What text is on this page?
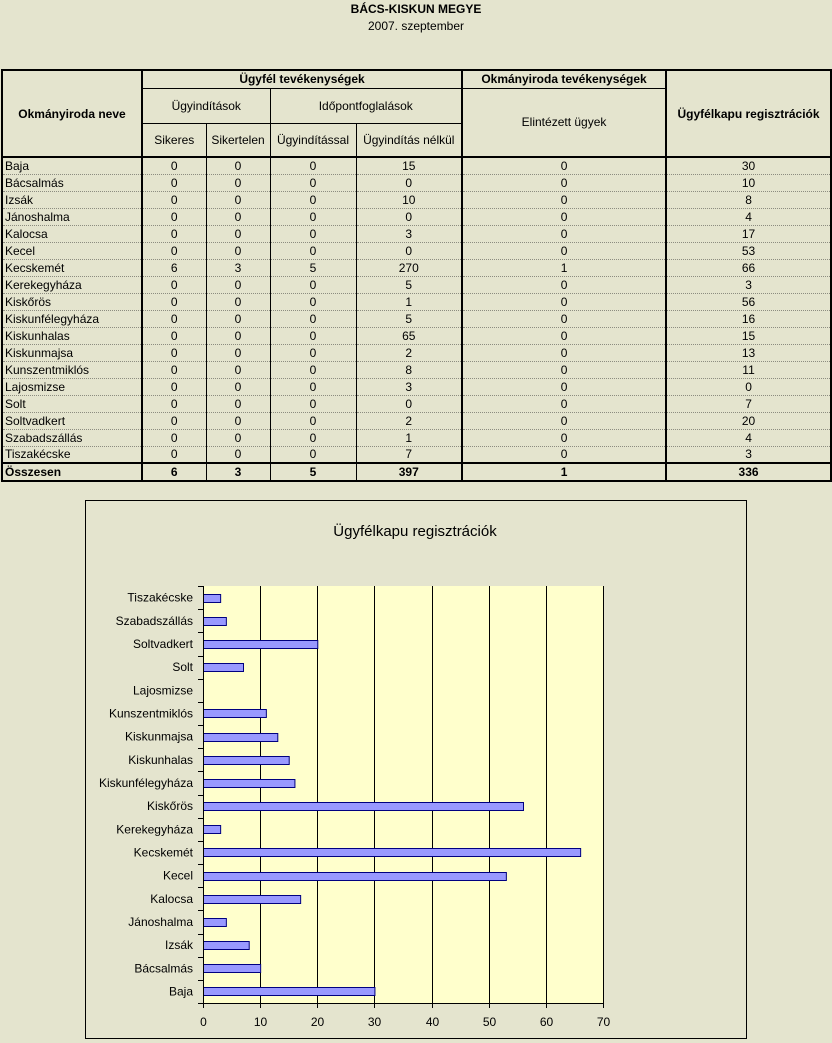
BÁCS-KISKUN MEGYE
2007. szeptember
Okmányiroda neve	Ügyfél tevékenységek				Okmányiroda tevékenységek	Ügyfélkapu regisztrációk
	Ügyindítások		Időpontfoglalások		Elintézett ügyek	
	Sikeres	Sikertelen	Ügyindítással	Ügyindítás nélkül		
Baja	0	0	0	15	0	30
Bácsalmás	0	0	0	0	0	10
Izsák	0	0	0	10	0	8
Jánoshalma	0	0	0	0	0	4
Kalocsa	0	0	0	3	0	17
Kecel	0	0	0	0	0	53
Kecskemét	6	3	5	270	1	66
Kerekegyháza	0	0	0	5	0	3
Kiskőrös	0	0	0	1	0	56
Kiskunfélegyháza	0	0	0	5	0	16
Kiskunhalas	0	0	0	65	0	15
Kiskunmajsa	0	0	0	2	0	13
Kunszentmiklós	0	0	0	8	0	11
Lajosmizse	0	0	0	3	0	0
Solt	0	0	0	0	0	7
Soltvadkert	0	0	0	2	0	20
Szabadszállás	0	0	0	1	0	4
Tiszakécske	0	0	0	7	0	3
Összesen	6	3	5	397	1	336
Ügyfélkapu regisztrációk
0	10	20	30	40	50	60	70
Baja
Bácsalmás
Izsák
Jánoshalma
Kalocsa
Kecel
Kecskemét
Kerekegyháza
Kiskőrös
Kiskunfélegyháza
Kiskunhalas
Kiskunmajsa
Kunszentmiklós
Lajosmizse
Solt
Soltvadkert
Szabadszállás
Tiszakécske
